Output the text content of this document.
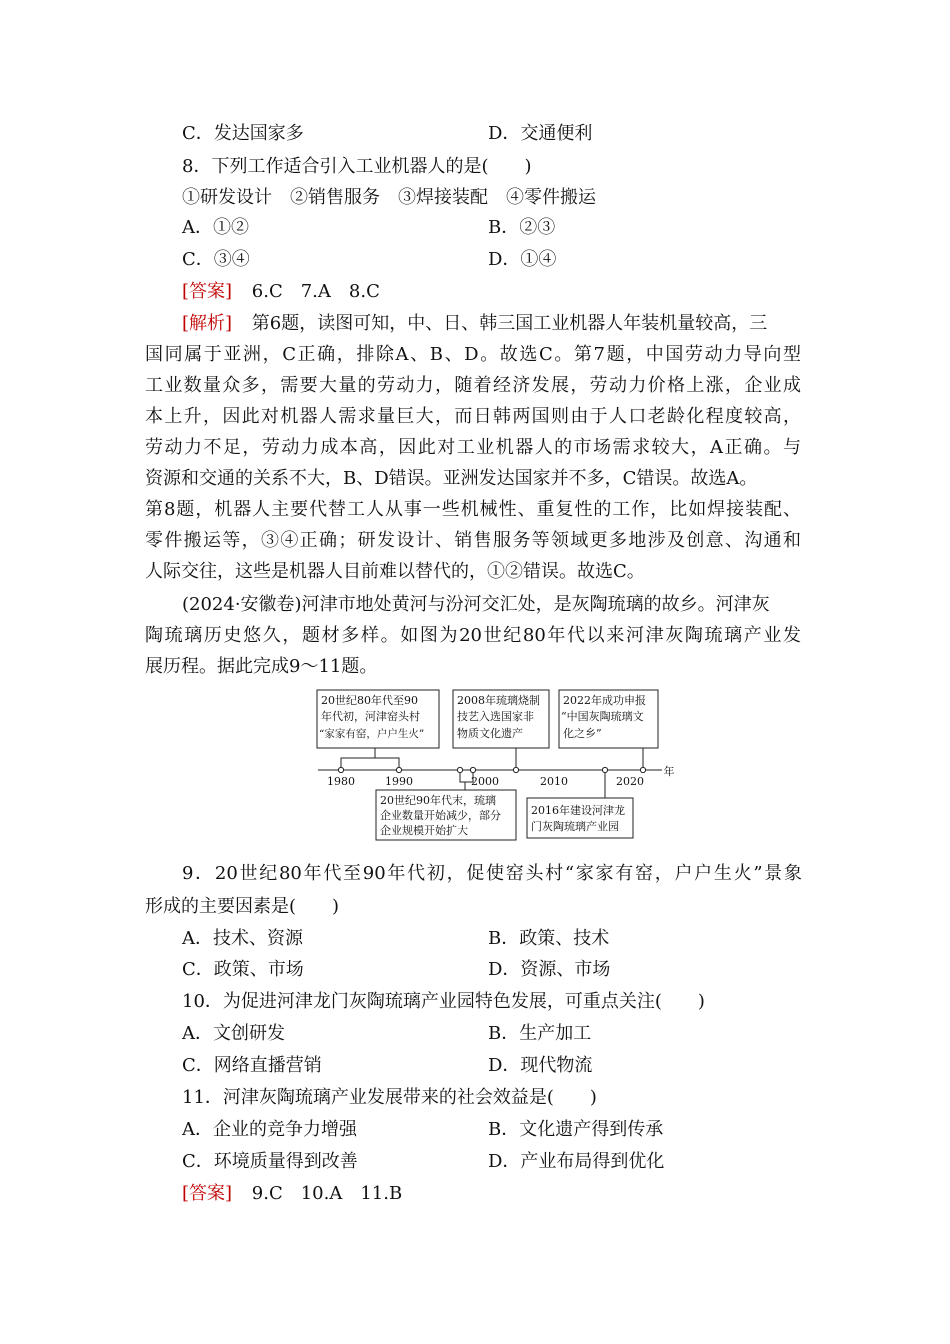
C．发达国家多	D．交通便利
8．下列工作适合引入工业机器人的是(　　)
①研发设计　②销售服务　③焊接装配　④零件搬运
A．①②	B．②③
C．③④	D．①④
[答案] 6.C　7.A　8.C
[解析] 第6题，读图可知，中、日、韩三国工业机器人年装机量较高，三
国同属于亚洲，C正确，排除A、B、D。故选C。第7题，中国劳动力导向型
工业数量众多，需要大量的劳动力，随着经济发展，劳动力价格上涨，企业成
本上升，因此对机器人需求量巨大，而日韩两国则由于人口老龄化程度较高，
劳动力不足，劳动力成本高，因此对工业机器人的市场需求较大，A正确。与
资源和交通的关系不大，B、D错误。亚洲发达国家并不多，C错误。故选A。
第8题，机器人主要代替工人从事一些机械性、重复性的工作，比如焊接装配、
零件搬运等，③④正确；研发设计、销售服务等领域更多地涉及创意、沟通和
人际交往，这些是机器人目前难以替代的，①②错误。故选C。
(2024·安徽卷)河津市地处黄河与汾河交汇处，是灰陶琉璃的故乡。河津灰
陶琉璃历史悠久，题材多样。如图为20世纪80年代以来河津灰陶琉璃产业发
展历程。据此完成9～11题。
20世纪80年代至90
年代初，河津窑头村
“家家有窑，户户生火”
2008年琉璃烧制
技艺入选国家非
物质文化遗产
2022年成功申报
“中国灰陶琉璃文
化之乡”
20世纪90年代末，琉璃
企业数量开始减少，部分
企业规模开始扩大
2016年建设河津龙
门灰陶琉璃产业园
1980	1990	2000	2010	2020
年
9．20世纪80年代至90年代初，促使窑头村“家家有窑，户户生火”景象
形成的主要因素是(　　)
A．技术、资源	B．政策、技术
C．政策、市场	D．资源、市场
10．为促进河津龙门灰陶琉璃产业园特色发展，可重点关注(　　)
A．文创研发	B．生产加工
C．网络直播营销	D．现代物流
11．河津灰陶琉璃产业发展带来的社会效益是(　　)
A．企业的竞争力增强	B．文化遗产得到传承
C．环境质量得到改善	D．产业布局得到优化
[答案] 9.C　10.A　11.B
